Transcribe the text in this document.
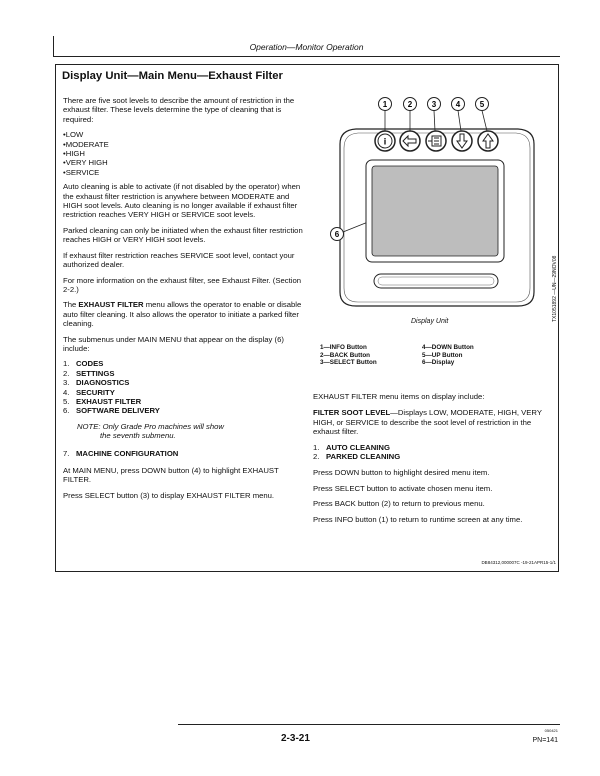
Operation—Monitor Operation
Display Unit—Main Menu—Exhaust Filter

There are five soot levels to describe the amount of restriction in the exhaust filter. These levels determine the type of cleaning that is required:

• LOW
• MODERATE
• HIGH
• VERY HIGH
• SERVICE

Auto cleaning is able to activate (if not disabled by the operator) when the exhaust filter restriction is anywhere between MODERATE and HIGH soot levels. Auto cleaning is no longer available if exhaust filter restriction reaches VERY HIGH or SERVICE soot levels.

Parked cleaning can only be initiated when the exhaust filter restriction reaches HIGH or VERY HIGH soot levels.

If exhaust filter restriction reaches SERVICE soot level, contact your authorized dealer.

For more information on the exhaust filter, see Exhaust Filter. (Section 2-2.)

The EXHAUST FILTER menu allows the operator to enable or disable auto filter cleaning. It also allows the operator to initiate a parked filter cleaning.

The submenus under MAIN MENU that appear on the display (6) include:

1. CODES
2. SETTINGS
3. DIAGNOSTICS
4. SECURITY
5. EXHAUST FILTER
6. SOFTWARE DELIVERY
NOTE: Only Grade Pro machines will show
the seventh submenu.
7. MACHINE CONFIGURATION

At MAIN MENU, press DOWN button (4) to highlight EXHAUST FILTER.

Press SELECT button (3) to display EXHAUST FILTER menu.

i
1	2 3 4 5
6
Display Unit	TX1051892 —UN—29NOV08
1—INFO Button
2—BACK Button
3—SELECT Button
4—DOWN Button
5—UP Button
6—Display

EXHAUST FILTER menu items on display include:

FILTER SOOT LEVEL—Displays LOW, MODERATE, HIGH, VERY HIGH, or SERVICE to describe the soot level of restriction in the exhaust filter.

1. AUTO CLEANING
2. PARKED CLEANING

Press DOWN button to highlight desired menu item.

Press SELECT button to activate chosen menu item.

Press BACK button (2) to return to previous menu.

Press INFO button (1) to return to runtime screen at any time.

DB84312,000007C -19-21APR15-1/1
2-3-21
050421
PN=141
